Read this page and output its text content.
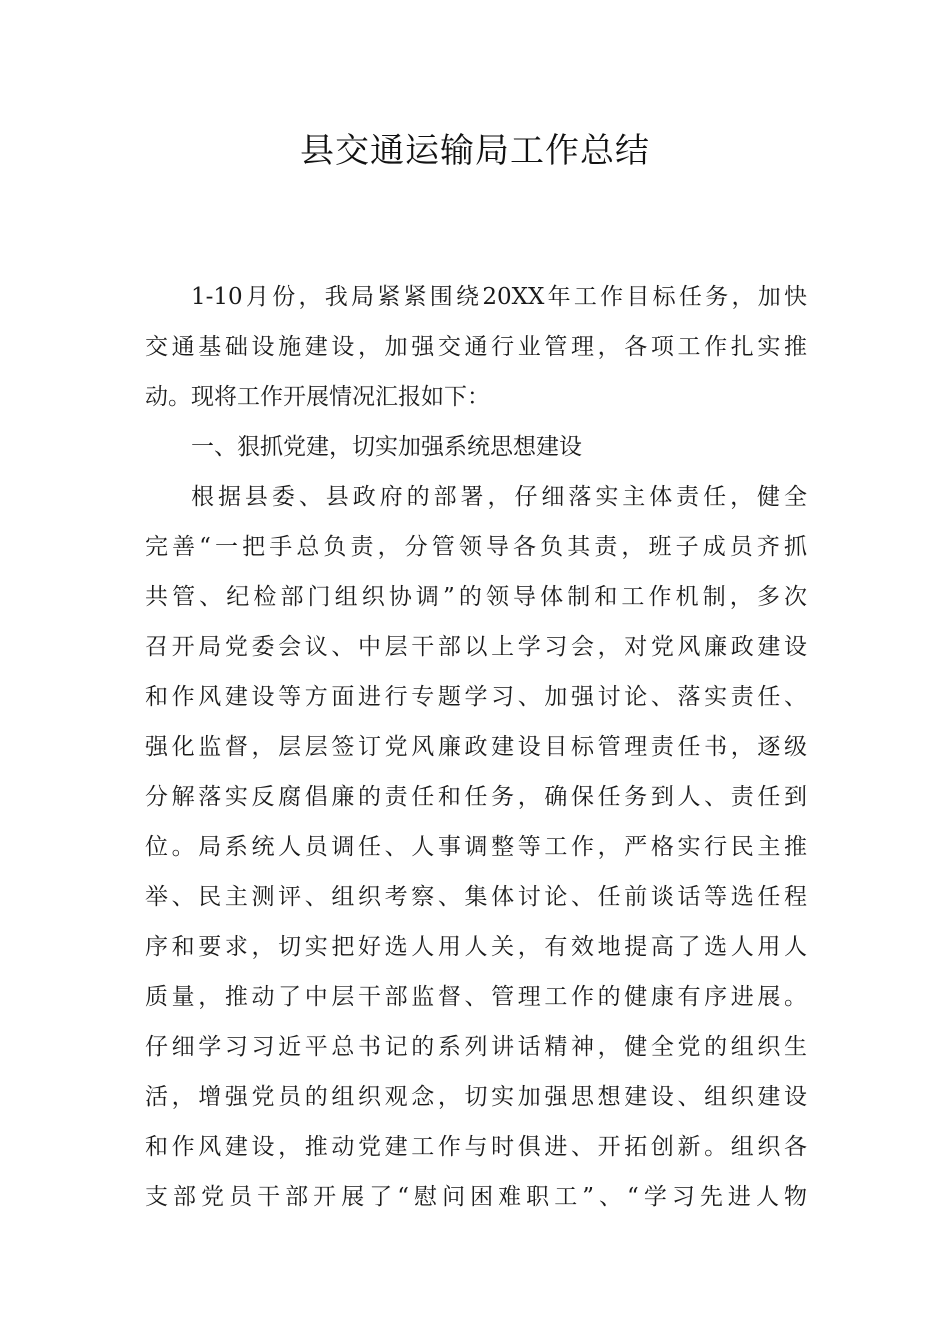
县交通运输局工作总结
1-10月份，我局紧紧围绕20XX年工作目标任务，加快
交通基础设施建设，加强交通行业管理，各项工作扎实推
动。现将工作开展情况汇报如下：
一、狠抓党建，切实加强系统思想建设
根据县委、县政府的部署，仔细落实主体责任，健全
完善“一把手总负责，分管领导各负其责，班子成员齐抓
共管、纪检部门组织协调”的领导体制和工作机制，多次
召开局党委会议、中层干部以上学习会，对党风廉政建设
和作风建设等方面进行专题学习、加强讨论、落实责任、
强化监督，层层签订党风廉政建设目标管理责任书，逐级
分解落实反腐倡廉的责任和任务，确保任务到人、责任到
位。局系统人员调任、人事调整等工作，严格实行民主推
举、民主测评、组织考察、集体讨论、任前谈话等选任程
序和要求，切实把好选人用人关，有效地提高了选人用人
质量，推动了中层干部监督、管理工作的健康有序进展。
仔细学习习近平总书记的系列讲话精神，健全党的组织生
活，增强党员的组织观念，切实加强思想建设、组织建设
和作风建设，推动党建工作与时俱进、开拓创新。组织各
支部党员干部开展了“慰问困难职工”、“学习先进人物
